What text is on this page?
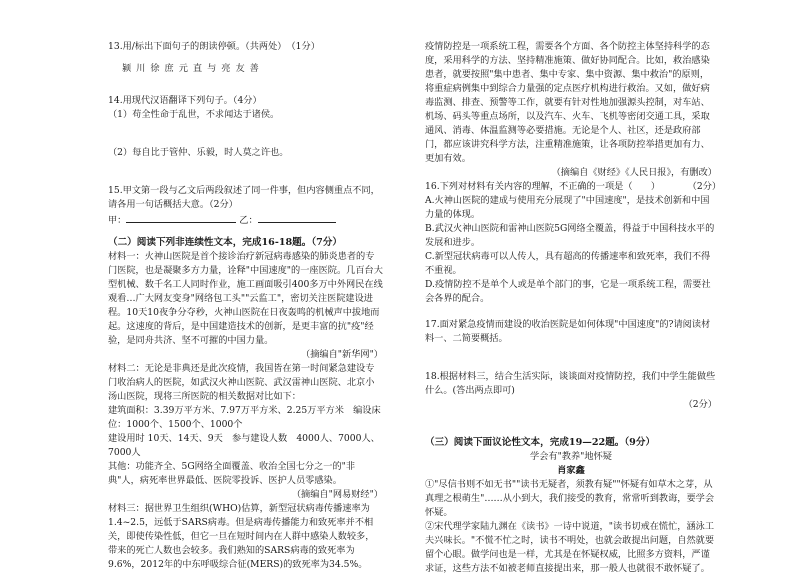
13.用/标出下面句子的朗读停顿。（共两处）　（1分）

颍川徐庶元直与亮友善

14.用现代汉语翻译下列句子。（4分）

（1）苟全性命于乱世，不求闻达于诸侯。

（2）每自比于管仲、乐毅，时人莫之许也。

15.甲文第一段与乙文后两段叙述了同一件事，但内容侧重点不同，请各用一句话概括大意。（2分）

甲：	乙：

（二）阅读下列非连续性文本，完成16-18题。（7分）

材料一：火神山医院是首个接诊治疗新冠病毒感染的肺炎患者的专门医院，也是凝聚多方力量，诠释"中国速度"的一座医院。几百台大型机械、数千名工人同时作业，施工画面吸引400多万中外网民在线观看…广大网友变身"网络包工头""云监工"，密切关注医院建设进程。10天10夜争分夺秒，火神山医院在日夜轰鸣的机械声中拔地而起。这速度的背后，是中国建造技术的创新，是更丰富的抗"疫"经验，是同舟共济、坚不可摧的中国力量。

（摘编自"新华网"）

材料二：无论是非典还是此次疫情，我国皆在第一时间紧急建设专门收治病人的医院，如武汉火神山医院、武汉雷神山医院、北京小汤山医院，现将三所医院的相关数据对比如下：

建筑面积：3.39万平方米、7.97万平方米、2.25万平方米　编设床位：1000个、1500个、1000个

建设用时 10天、14天、9天　参与建设人数　4000人、7000人、7000人

其他：功能齐全、5G网络全面覆盖、收治全国七分之一的"非典"人，病死率世界最低、医院零投诉、医护人员零感染。

（摘编自"网易财经"）

材料三：据世界卫生组织(WHO)估算，新型冠状病毒传播速率为1.4~2.5，远低于SARS病毒。但是病毒传播能力和致死率并不相关，即使传染性低，但它一旦在短时间内在人群中感染人数较多，带来的死亡人数也会较多。我们熟知的SARS病毒的致死率为9.6%，2012年的中东呼吸综合征(MERS)的致死率为34.5%。

疫情防控是一项系统工程，需要各个方面、各个防控主体坚持科学的态度，采用科学的方法、坚持精准施策、做好协同配合。比如，救治感染患者，就要按照"集中患者、集中专家、集中资源、集中救治"的原则，将重症病例集中到综合力量强的定点医疗机构进行救治。又如，做好病毒监测、排查、预警等工作，就要有针对性地加强源头控制，对车站、机场、码头等重点场所，以及汽车、火车、飞机等密闭交通工具，采取通风、消毒、体温监测等必要措施。无论是个人、社区，还是政府部门，都应该讲究科学方法，注重精准施策，让各项防控举措更加有力、更加有效。

（摘编自《财经》《人民日报》，有删改）

16.下列对材料有关内容的理解，不正确的一项是（　　）　　　　（2分）

A.火神山医院的建成与使用充分展现了"中国速度"，是技术创新和中国力量的体现。

B.武汉火神山医院和雷神山医院5G网络全覆盖，得益于中国科技水平的发展和进步。

C.新型冠状病毒可以人传人，具有超高的传播速率和致死率，我们不得不重视。

D.疫情防控不是单个人或是单个部门的事，它是一项系统工程，需要社会各界的配合。

17.面对紧急疫情而建设的收治医院是如何体现"中国速度"的?请阅读材料一、二简要概括。

18.根据材料三，结合生活实际，谈谈面对疫情防控，我们中学生能做些什么。(答出两点即可)

（2分）

（三）阅读下面议论性文本，完成19—22题。（9分）

学会有"教养"地怀疑

肖家鑫

①"尽信书则不如无书""读书无疑者，须教有疑""怀疑有如草木之芽，从真理之根萌生"……从小到大，我们接受的教育，常常听到教诲，要学会怀疑。

②宋代理学家陆九渊在《读书》一诗中说道，"读书切戒在慌忙，涵泳工夫兴味长。"不慌不忙之时，读书不明处，也就会敢提出问题，自然就要留个心眼。做学问也是一样，尤其是在怀疑权威，比照多方资料，严谨求证，这些方法不如被老师直接提出来，那一般人也就很不敢怀疑了。
